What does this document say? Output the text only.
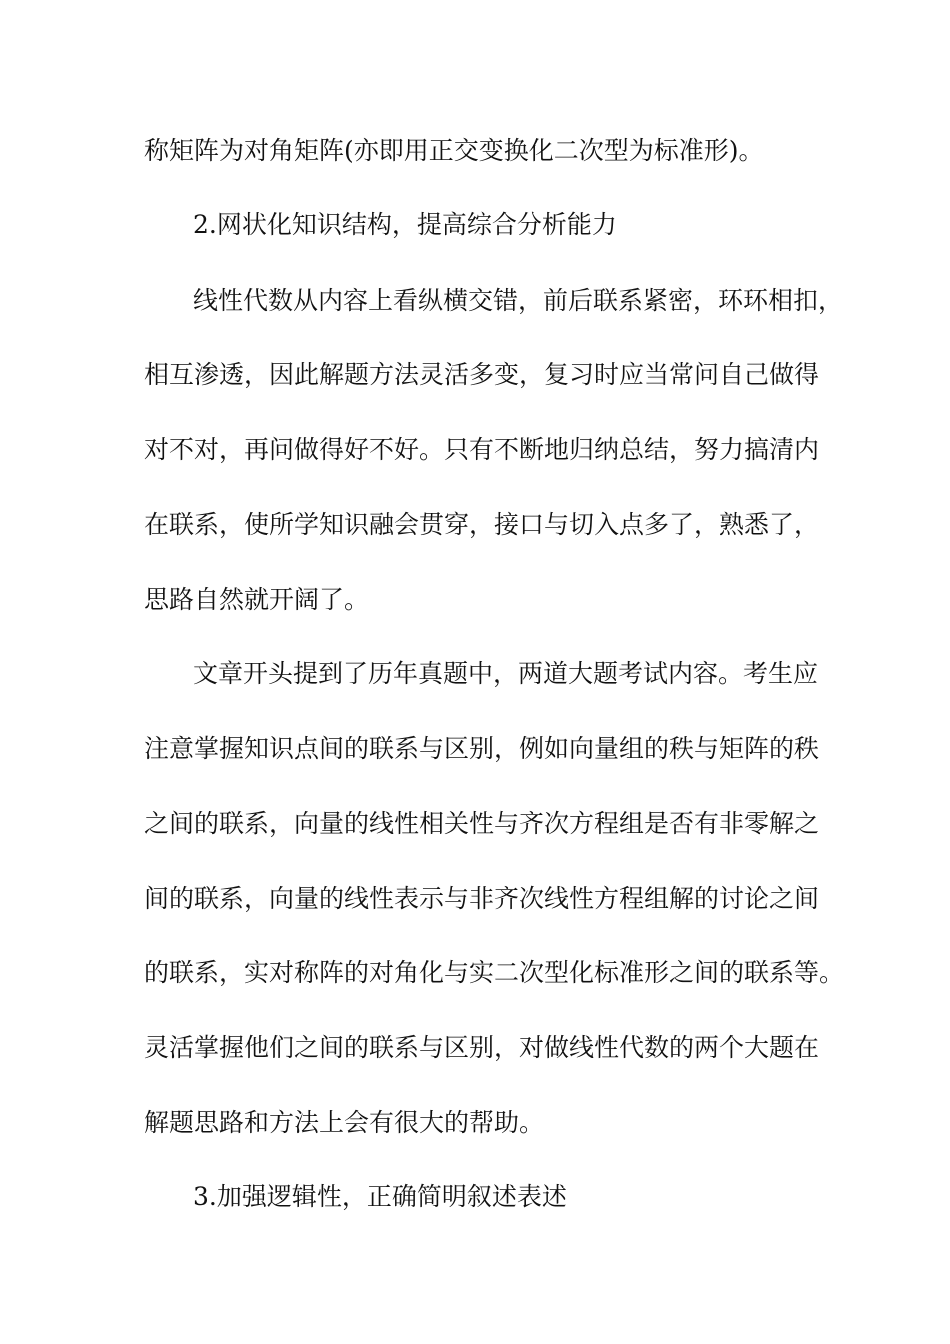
称矩阵为对角矩阵(亦即用正交变换化二次型为标准形)。
2.网状化知识结构，提高综合分析能力
线性代数从内容上看纵横交错，前后联系紧密，环环相扣，
相互渗透，因此解题方法灵活多变，复习时应当常问自己做得
对不对，再问做得好不好。只有不断地归纳总结，努力搞清内
在联系，使所学知识融会贯穿，接口与切入点多了，熟悉了，
思路自然就开阔了。
文章开头提到了历年真题中，两道大题考试内容。考生应
注意掌握知识点间的联系与区别，例如向量组的秩与矩阵的秩
之间的联系，向量的线性相关性与齐次方程组是否有非零解之
间的联系，向量的线性表示与非齐次线性方程组解的讨论之间
的联系，实对称阵的对角化与实二次型化标准形之间的联系等。
灵活掌握他们之间的联系与区别，对做线性代数的两个大题在
解题思路和方法上会有很大的帮助。
3.加强逻辑性，正确简明叙述表述
